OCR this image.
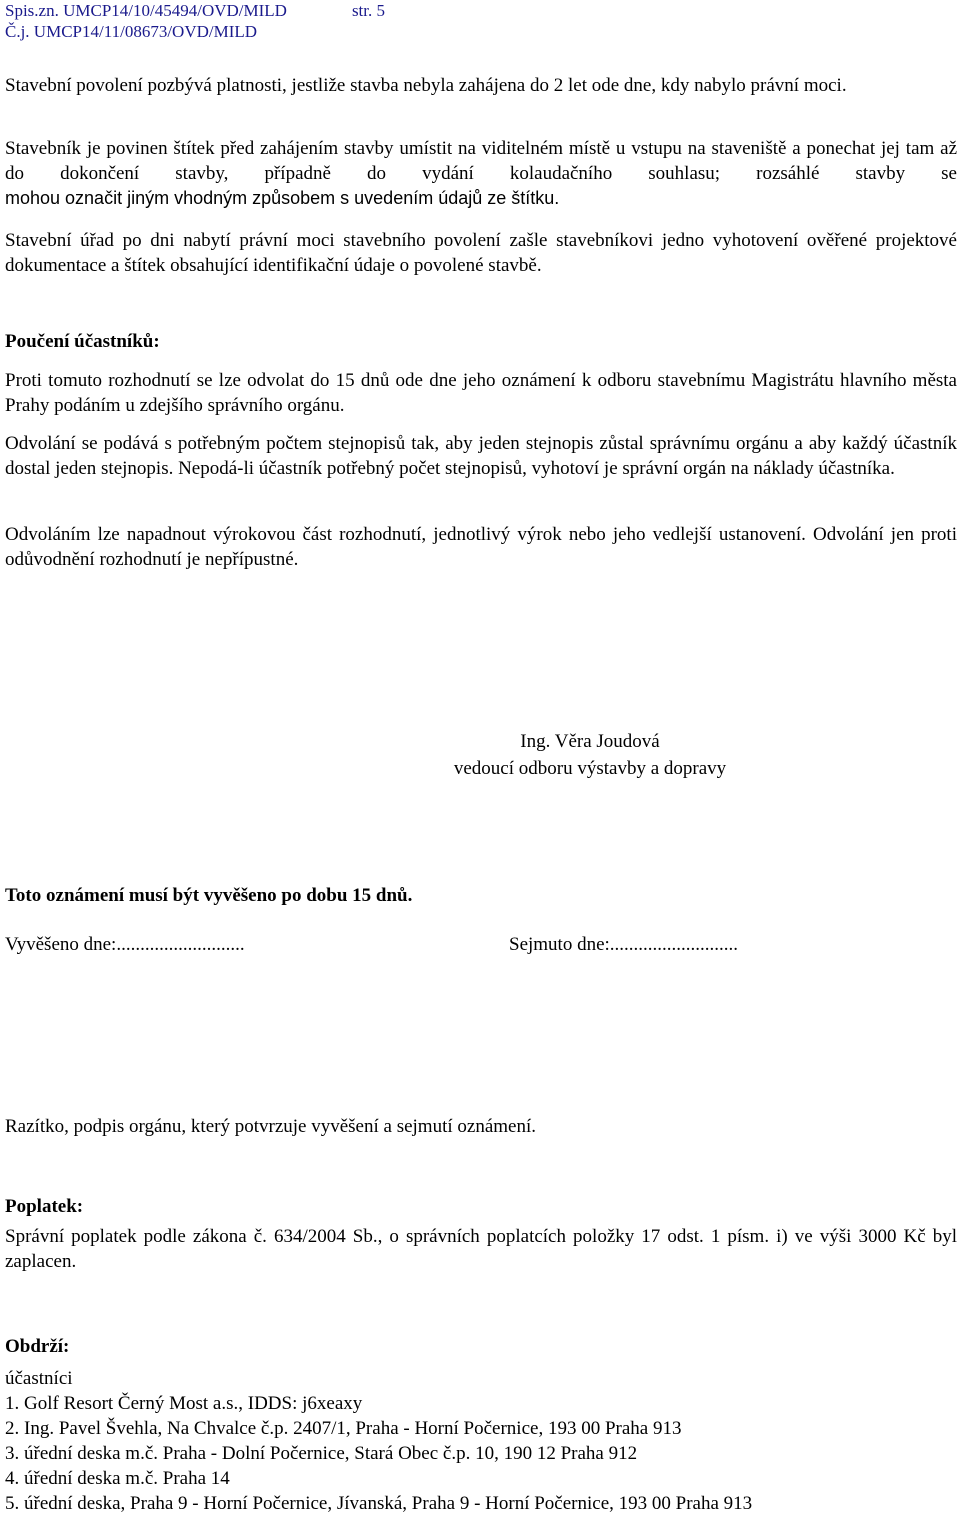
Spis.zn. UMCP14/10/45494/OVD/MILD	str. 5
Č.j. UMCP14/11/08673/OVD/MILD
Stavební povolení pozbývá platnosti, jestliže stavba nebyla zahájena do 2 let ode dne, kdy nabylo právní moci.
Stavebník je povinen štítek před zahájením stavby umístit na viditelném místě u vstupu na staveniště a ponechat jej tam až do dokončení stavby, případně do vydání kolaudačního souhlasu; rozsáhlé stavby se
mohou označit jiným vhodným způsobem s uvedením údajů ze štítku.
Stavební úřad po dni nabytí právní moci stavebního povolení zašle stavebníkovi jedno vyhotovení ověřené projektové dokumentace a štítek obsahující identifikační údaje o povolené stavbě.
Poučení účastníků:
Proti tomuto rozhodnutí se lze odvolat do 15 dnů ode dne jeho oznámení k odboru stavebnímu Magistrátu hlavního města Prahy podáním u zdejšího správního orgánu.
Odvolání se podává s potřebným počtem stejnopisů tak, aby jeden stejnopis zůstal správnímu orgánu a aby každý účastník dostal jeden stejnopis. Nepodá-li účastník potřebný počet stejnopisů, vyhotoví je správní orgán na náklady účastníka.
Odvoláním lze napadnout výrokovou část rozhodnutí, jednotlivý výrok nebo jeho vedlejší ustanovení. Odvolání jen proti odůvodnění rozhodnutí je nepřípustné.
Ing. Věra Joudová
vedoucí odboru výstavby a dopravy
Toto oznámení musí být vyvěšeno po dobu 15 dnů.
Vyvěšeno dne:...........................	Sejmuto dne:...........................
Razítko, podpis orgánu, který potvrzuje vyvěšení a sejmutí oznámení.
Poplatek:
Správní poplatek podle zákona č. 634/2004 Sb., o správních poplatcích položky 17 odst. 1 písm. i) ve výši 3000 Kč byl zaplacen.
Obdrží:
účastníci
1. Golf Resort Černý Most a.s., IDDS: j6xeaxy
2. Ing. Pavel Švehla, Na Chvalce č.p. 2407/1, Praha - Horní Počernice, 193 00 Praha 913
3. úřední deska m.č. Praha - Dolní Počernice, Stará Obec č.p. 10, 190 12 Praha 912
4. úřední deska m.č. Praha 14
5. úřední deska, Praha 9 - Horní Počernice, Jívanská, Praha 9 - Horní Počernice, 193 00 Praha 913
